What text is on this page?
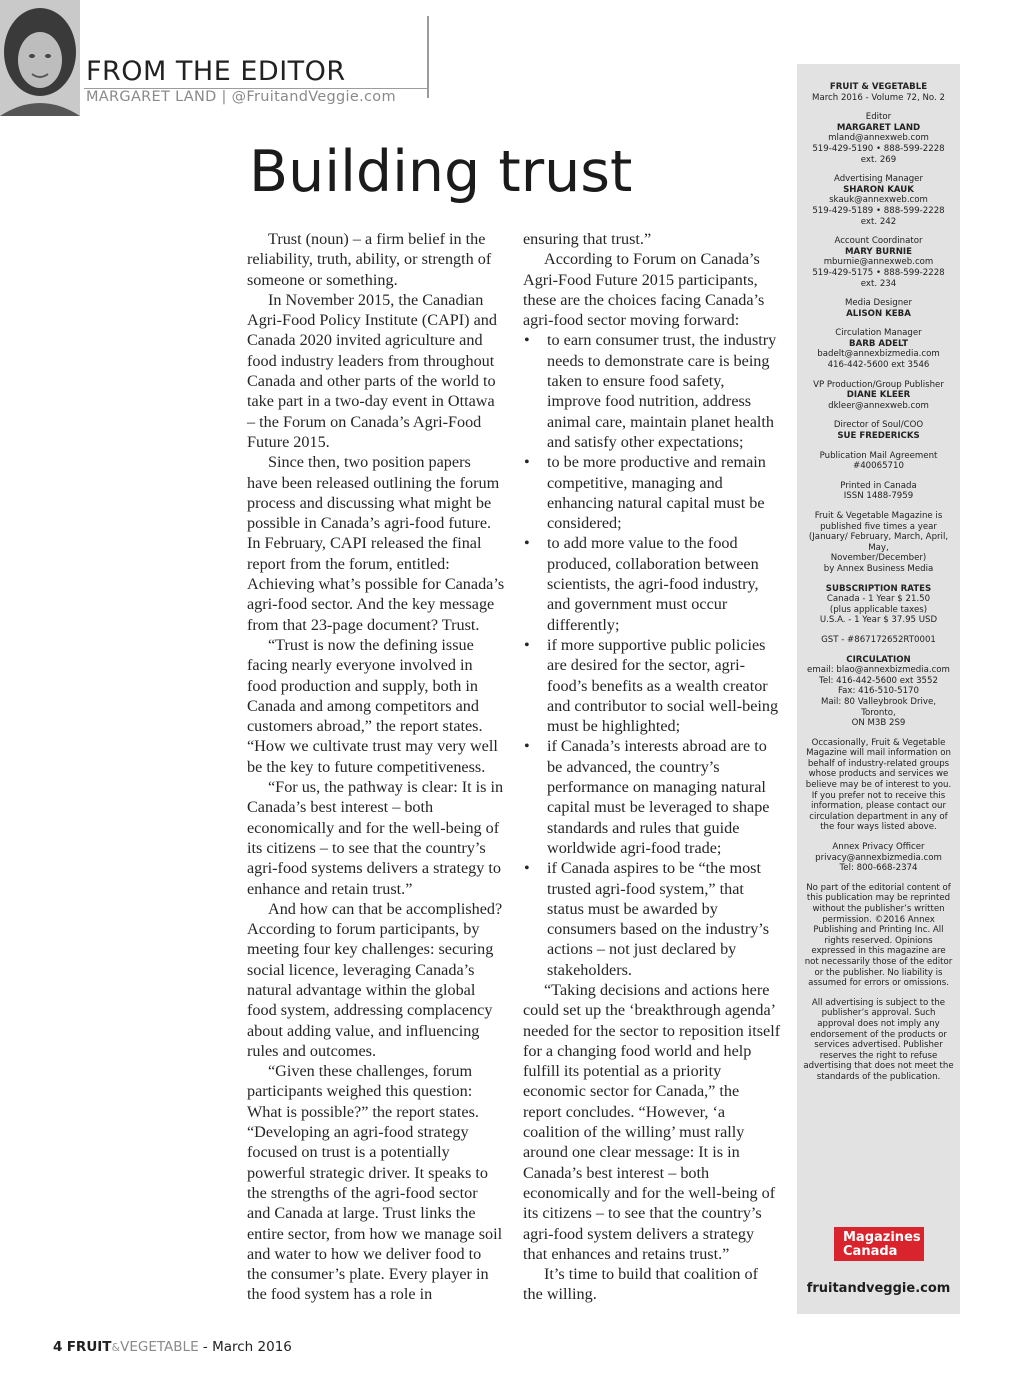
FROM THE EDITOR
MARGARET LAND | @FruitandVeggie.com
Building trust

Trust (noun) – a firm belief in the reliability, truth, ability, or strength of someone or something.

In November 2015, the Canadian Agri-Food Policy Institute (CAPI) and Canada 2020 invited agriculture and food industry leaders from throughout Canada and other parts of the world to take part in a two-day event in Ottawa – the Forum on Canada’s Agri-Food Future 2015.

Since then, two position papers have been released outlining the forum process and discussing what might be possible in Canada’s agri-food future. In February, CAPI released the final report from the forum, entitled: Achieving what’s possible for Canada’s agri-food sector. And the key message from that 23-page document? Trust.

“Trust is now the defining issue facing nearly everyone involved in food production and supply, both in Canada and among competitors and customers abroad,” the report states. “How we cultivate trust may very well be the key to future competitiveness.

“For us, the pathway is clear: It is in Canada’s best interest – both economically and for the well-being of its citizens – to see that the country’s agri-food systems delivers a strategy to enhance and retain trust.”

And how can that be accomplished? According to forum participants, by meeting four key challenges: securing social licence, leveraging Canada’s natural advantage within the global food system, addressing complacency about adding value, and influencing rules and outcomes.

“Given these challenges, forum participants weighed this question: What is possible?” the report states. “Developing an agri-food strategy focused on trust is a potentially powerful strategic driver. It speaks to the strengths of the agri-food sector and Canada at large. Trust links the entire sector, from how we manage soil and water to how we deliver food to the consumer’s plate. Every player in the food system has a role in

ensuring that trust.”

According to Forum on Canada’s Agri-Food Future 2015 participants, these are the choices facing Canada’s agri-food sector moving forward:

• to earn consumer trust, the industry needs to demonstrate care is being taken to ensure food safety, improve food nutrition, address animal care, maintain planet health and satisfy other expectations;
• to be more productive and remain competitive, managing and enhancing natural capital must be considered;
• to add more value to the food produced, collaboration between scientists, the agri-food industry, and government must occur differently;
• if more supportive public policies are desired for the sector, agri-food’s benefits as a wealth creator and contributor to social well-being must be highlighted;
• if Canada’s interests abroad are to be advanced, the country’s performance on managing natural capital must be leveraged to shape standards and rules that guide worldwide agri-food trade;
• if Canada aspires to be “the most trusted agri-food system,” that status must be awarded by consumers based on the industry’s actions – not just declared by stakeholders.

“Taking decisions and actions here could set up the ‘breakthrough agenda’ needed for the sector to reposition itself for a changing food world and help fulfill its potential as a priority economic sector for Canada,” the report concludes. “However, ‘a coalition of the willing’ must rally around one clear message: It is in Canada’s best interest – both economically and for the well-being of its citizens – to see that the country’s agri-food system delivers a strategy that enhances and retains trust.”

It’s time to build that coalition of the willing.

FRUIT & VEGETABLE
March 2016 - Volume 72, No. 2
Editor
MARGARET LAND
mland@annexweb.com
519-429-5190 • 888-599-2228
ext. 269
Advertising Manager
SHARON KAUK
skauk@annexweb.com
519-429-5189 • 888-599-2228
ext. 242
Account Coordinator
MARY BURNIE
mburnie@annexweb.com
519-429-5175 • 888-599-2228
ext. 234
Media Designer
ALISON KEBA
Circulation Manager
BARB ADELT
badelt@annexbizmedia.com
416-442-5600 ext 3546
VP Production/Group Publisher
DIANE KLEER
dkleer@annexweb.com
Director of Soul/COO
SUE FREDERICKS
Publication Mail Agreement
#40065710
Printed in Canada
ISSN 1488-7959
Fruit & Vegetable Magazine is
published five times a year
(January/ February, March, April, May,
November/December)
by Annex Business Media
SUBSCRIPTION RATES
Canada - 1 Year $ 21.50
(plus applicable taxes)
U.S.A. - 1 Year $ 37.95 USD
GST - #867172652RT0001
CIRCULATION
email: blao@annexbizmedia.com
Tel: 416-442-5600 ext 3552
Fax: 416-510-5170
Mail: 80 Valleybrook Drive, Toronto,
ON M3B 2S9
Occasionally, Fruit & Vegetable Magazine will mail information on behalf of industry-related groups whose products and services we believe may be of interest to you. If you prefer not to receive this information, please contact our circulation department in any of the four ways listed above.
Annex Privacy Officer
privacy@annexbizmedia.com
Tel: 800-668-2374
No part of the editorial content of this publication may be reprinted without the publisher’s written permission. ©2016 Annex Publishing and Printing Inc. All rights reserved. Opinions expressed in this magazine are not necessarily those of the editor or the publisher. No liability is assumed for errors or omissions.
All advertising is subject to the publisher’s approval. Such approval does not imply any endorsement of the products or services advertised. Publisher reserves the right to refuse advertising that does not meet the standards of the publication.
Magazines
Canada
fruitandveggie.com
4 FRUIT&VEGETABLE - March 2016
